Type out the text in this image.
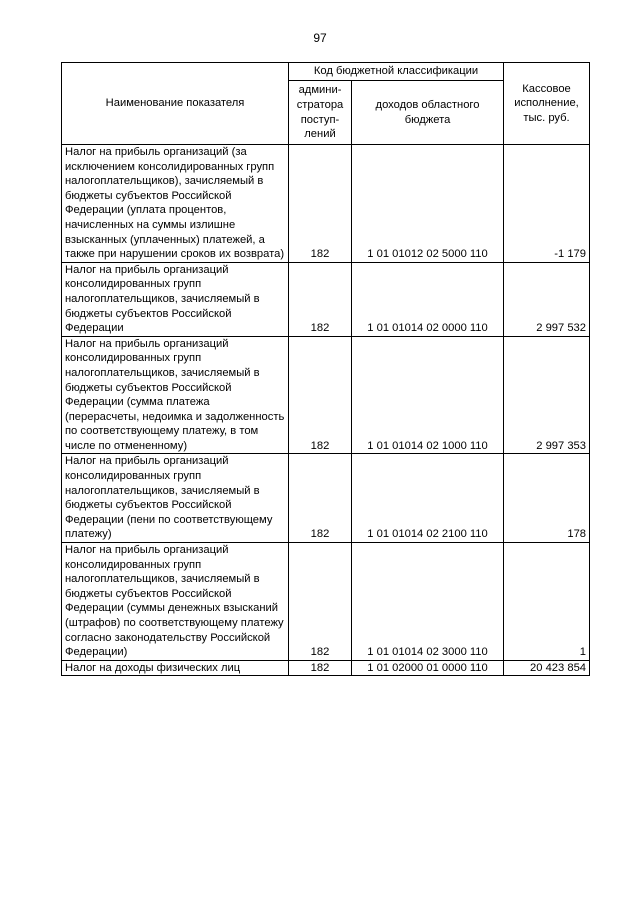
97
Наименование показателя	Код бюджетной классификации		Кассовое исполнение, тыс. руб.
	админи-стратора поступ-лений	доходов областного бюджета	
Налог на прибыль организаций (за исключением консолидированных групп налогоплательщиков), зачисляемый в бюджеты субъектов Российской Федерации (уплата процентов, начисленных на суммы излишне взысканных (уплаченных) платежей, а также при нарушении сроков их возврата)	182	1 01 01012 02 5000 110	-1 179
Налог на прибыль организаций консолидированных групп налогоплательщиков, зачисляемый в бюджеты субъектов Российской Федерации	182	1 01 01014 02 0000 110	2 997 532
Налог на прибыль организаций консолидированных групп налогоплательщиков, зачисляемый в бюджеты субъектов Российской Федерации (сумма платежа (перерасчеты, недоимка и задолженность по соответствующему платежу, в том числе по отмененному)	182	1 01 01014 02 1000 110	2 997 353
Налог на прибыль организаций консолидированных групп налогоплательщиков, зачисляемый в бюджеты субъектов Российской Федерации (пени по соответствующему платежу)	182	1 01 01014 02 2100 110	178
Налог на прибыль организаций консолидированных групп налогоплательщиков, зачисляемый в бюджеты субъектов Российской Федерации (суммы денежных взысканий (штрафов) по соответствующему платежу согласно законодательству Российской Федерации)	182	1 01 01014 02 3000 110	1
Налог на доходы физических лиц	182	1 01 02000 01 0000 110	20 423 854
